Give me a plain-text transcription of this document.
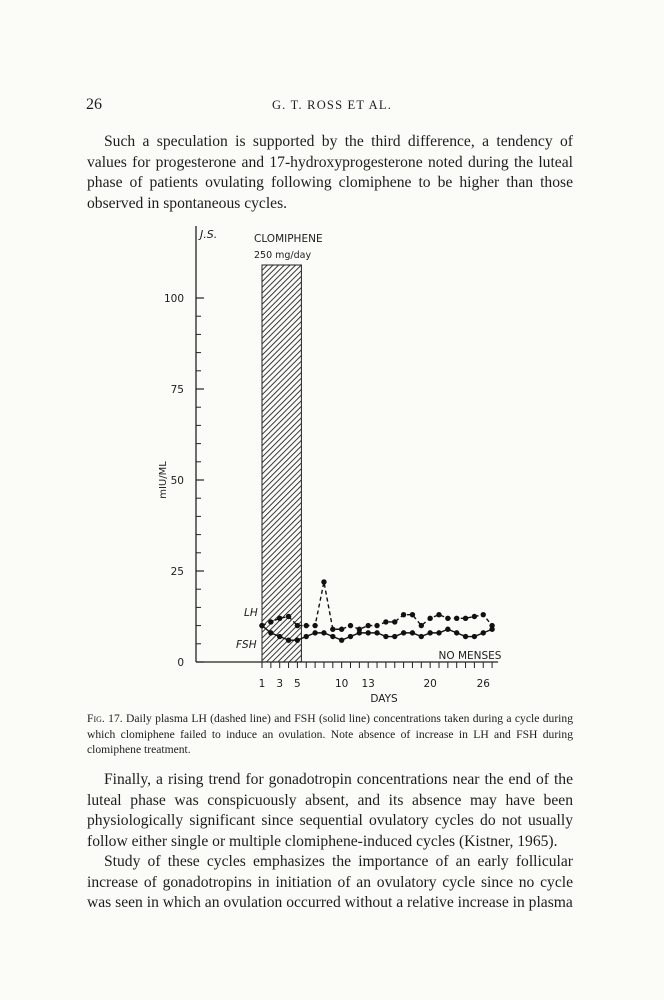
26	G. T. ROSS ET AL.

Such a speculation is supported by the third difference, a tendency of values for progesterone and 17-hydroxyprogesterone noted during the luteal phase of patients ovulating following clomiphene to be higher than those observed in spontaneous cycles.

0
25
50
75
100
1 3 5	10 13	20	26
mIU/ML
DAYS
J.S.	CLOMIPHENE
250 mg/day
NO MENSES
LH
FSH

Fig. 17. Daily plasma LH (dashed line) and FSH (solid line) concentrations taken during a cycle during which clomiphene failed to induce an ovulation. Note absence of increase in LH and FSH during clomiphene treatment.

Finally, a rising trend for gonadotropin concentrations near the end of the luteal phase was conspicuously absent, and its absence may have been physiologically significant since sequential ovulatory cycles do not usually follow either single or multiple clomiphene-induced cycles (Kistner, 1965).

Study of these cycles emphasizes the importance of an early follicular increase of gonadotropins in initiation of an ovulatory cycle since no cycle was seen in which an ovulation occurred without a relative increase in plasma
